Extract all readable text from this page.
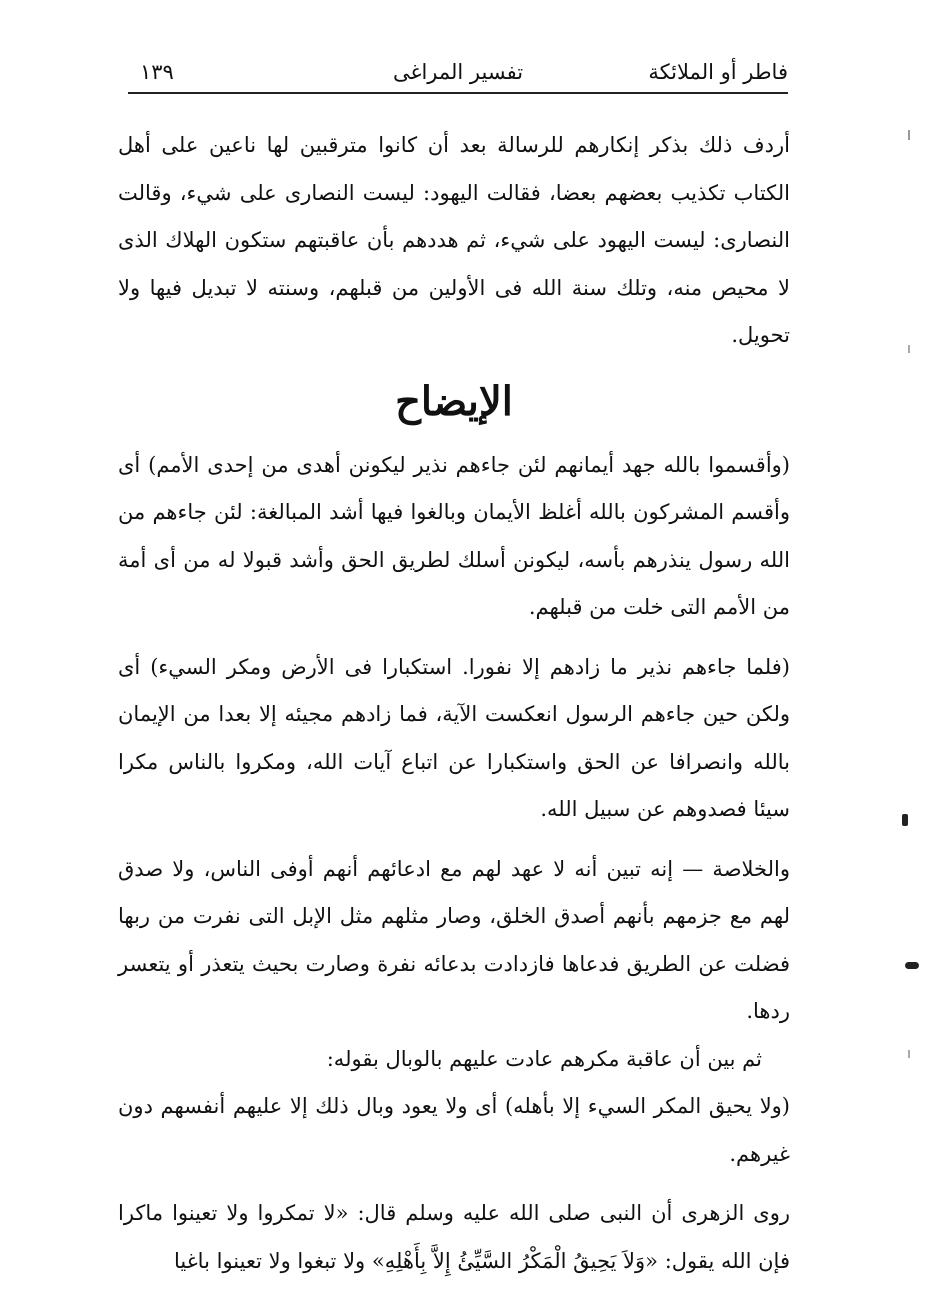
فاطر أو الملائكة
تفسير المراغى
١٣٩

أردف ذلك بذكر إنكارهم للرسالة بعد أن كانوا مترقبين لها ناعين على أهل الكتاب تكذيب بعضهم بعضا، فقالت اليهود: ليست النصارى على شيء، وقالت النصارى: ليست اليهود على شيء، ثم هددهم بأن عاقبتهم ستكون الهلاك الذى لا محيص منه، وتلك سنة الله فى الأولين من قبلهم، وسنته لا تبديل فيها ولا تحويل.

الإيضاح

(وأقسموا بالله جهد أيمانهم لئن جاءهم نذير ليكونن أهدى من إحدى الأمم) أى وأقسم المشركون بالله أغلظ الأيمان وبالغوا فيها أشد المبالغة: لئن جاءهم من الله رسول ينذرهم بأسه، ليكونن أسلك لطريق الحق وأشد قبولا له من أى أمة من الأمم التى خلت من قبلهم.

(فلما جاءهم نذير ما زادهم إلا نفورا. استكبارا فى الأرض ومكر السيء) أى ولكن حين جاءهم الرسول انعكست الآية، فما زادهم مجيئه إلا بعدا من الإيمان بالله وانصرافا عن الحق واستكبارا عن اتباع آيات الله، ومكروا بالناس مكرا سيئا فصدوهم عن سبيل الله.

والخلاصة — إنه تبين أنه لا عهد لهم مع ادعائهم أنهم أوفى الناس، ولا صدق لهم مع جزمهم بأنهم أصدق الخلق، وصار مثلهم مثل الإبل التى نفرت من ربها فضلت عن الطريق فدعاها فازدادت بدعائه نفرة وصارت بحيث يتعذر أو يتعسر ردها.

ثم بين أن عاقبة مكرهم عادت عليهم بالوبال بقوله:

(ولا يحيق المكر السيء إلا بأهله) أى ولا يعود وبال ذلك إلا عليهم أنفسهم دون غيرهم.

روى الزهرى أن النبى صلى الله عليه وسلم قال: «لا تمكروا ولا تعينوا ماكرا فإن الله يقول: «وَلاَ يَحِيقُ الْمَكْرُ السَّيِّئُ إِلاَّ بِأَهْلِهِ» ولا تبغوا ولا تعينوا باغيا
